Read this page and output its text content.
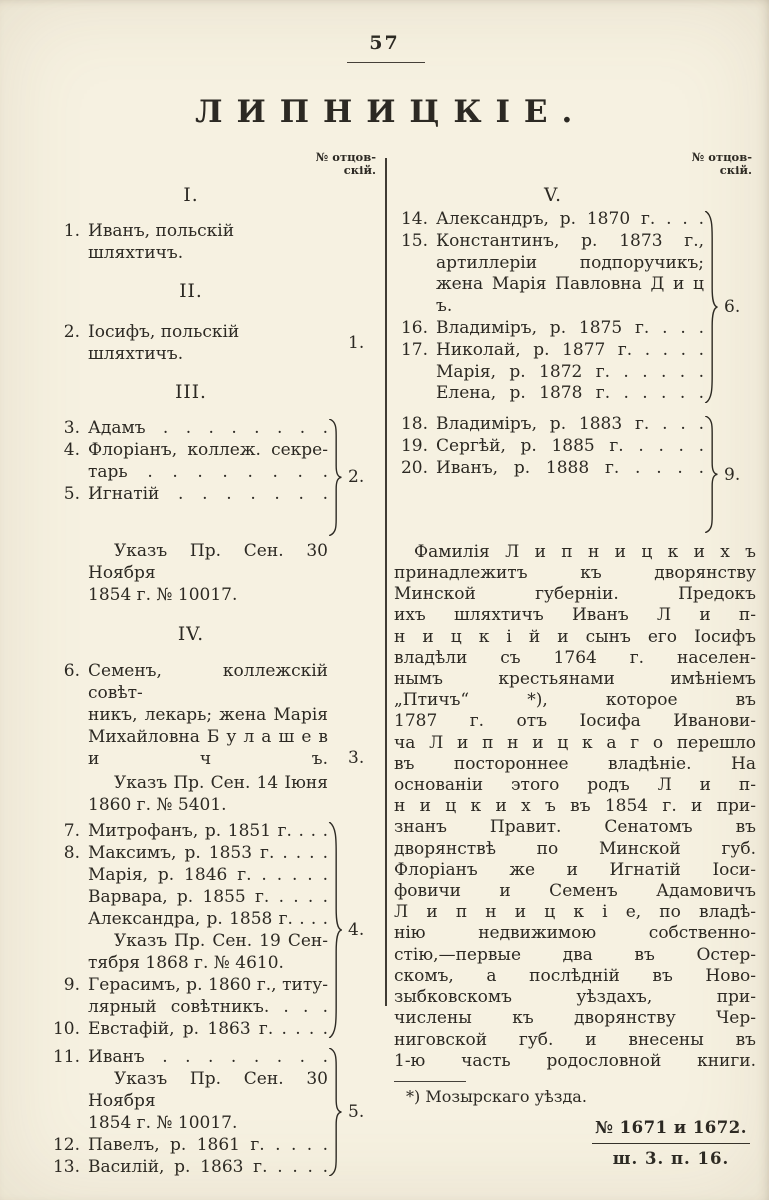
57
ЛИПНИЦКІЕ.
№ отцов-
скій.
№ отцов-
скій.
I.
1. Иванъ, польскій шляхтичъ.
II.
2. Іосифъ, польскій шляхтичъ.
1.
III.
3. Адамъ . . . . . . . .
4. Флоріанъ, коллеж. секре-
тарь . . . . . . . .
5. Игнатій . . . . . . .
2.
Указъ Пр. Сен. 30 Ноября
1854 г. № 10017.
IV.
6. Семенъ, коллежскій совѣт-
никъ, лекарь; жена Марія
Михайловна Б у л а ш е в и ч ъ.	3.
Указъ Пр. Сен. 14 Іюня
1860 г. № 5401.
7. Митрофанъ, р. 1851 г. . . .
8. Максимъ, р. 1853 г. . . . .
Марія, р. 1846 г. . . . . .
Варвара, р. 1855 г. . . . .
Александра, р. 1858 г. . . .
Указъ Пр. Сен. 19 Сен-
тября 1868 г. № 4610.
9. Герасимъ, р. 1860 г., титу-
лярный совѣтникъ. . . .
10. Евстафій, р. 1863 г. . . . .
4.
11. Иванъ . . . . . . . .
Указъ Пр. Сен. 30 Ноября
1854 г. № 10017.
12. Павелъ, р. 1861 г. . . . .
13. Василій, р. 1863 г. . . . .
5.
V.
14. Александръ, р. 1870 г. . . .
15. Константинъ, р. 1873 г.,
артиллеріи подпоручикъ;
жена Марія Павловна Д и ц ъ.
16. Владиміръ, р. 1875 г. . . .
17. Николай, р. 1877 г. . . . .
Марія, р. 1872 г. . . . . .
Елена, р. 1878 г. . . . . .
6.
18. Владиміръ, р. 1883 г. . . .
19. Сергѣй, р. 1885 г. . . . .
20. Иванъ, р. 1888 г. . . . .	9.
Фамилія Л и п н и ц к и х ъ
принадлежитъ къ дворянству
Минской губерніи. Предокъ
ихъ шляхтичъ Иванъ Л и п-
н и ц к і й и сынъ его Іосифъ
владѣли съ 1764 г. населен-
нымъ крестьянами имѣніемъ
„Птичъ“ *), которое въ
1787 г. отъ Іосифа Иванови-
ча Л и п н и ц к а г о перешло
въ постороннее владѣніе. На
основаніи этого родъ Л и п-
н и ц к и х ъ въ 1854 г. и при-
знанъ Правит. Сенатомъ въ
дворянствѣ по Минской губ.
Флоріанъ же и Игнатій Іоси-
фовичи и Семенъ Адамовичъ
Л и п н и ц к і е, по владѣ-
нію недвижимою собственно-
стію,—первые два въ Остер-
скомъ, а послѣдній въ Ново-
зыбковскомъ уѣздахъ, при-
числены къ дворянству Чер-
ниговской губ. и внесены въ
1-ю часть родословной книги.
*) Мозырскаго уѣзда.
№ 1671 и 1672.
ш. 3. п. 16.
